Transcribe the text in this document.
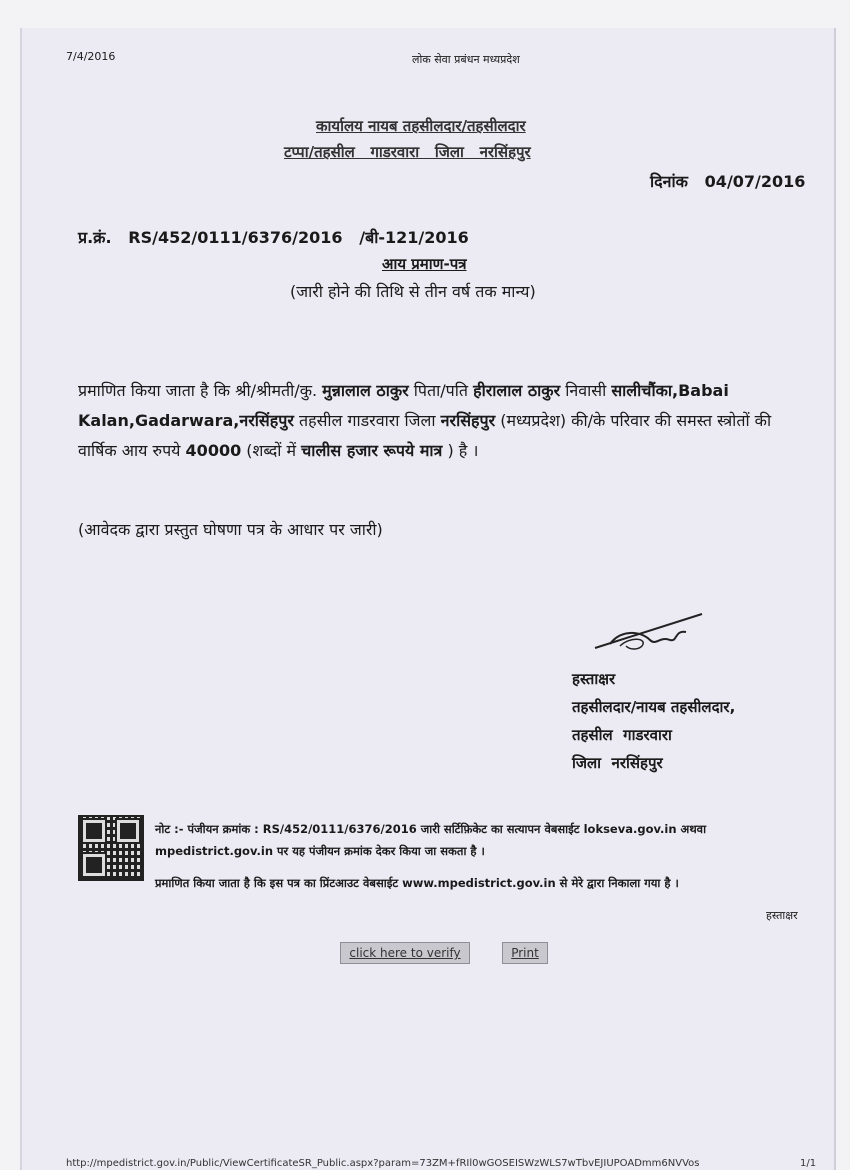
7/4/2016	लोक सेवा प्रबंधन मध्यप्रदेश
कार्यालय नायब तहसीलदार/तहसीलदार
टप्पा/तहसील   गाडरवारा   जिला   नरसिंहपुर
दिनांक 04/07/2016
प्र.क्रं. RS/452/0111/6376/2016 /बी-121/2016
आय प्रमाण-पत्र
(जारी होने की तिथि से तीन वर्ष तक मान्य)
प्रमाणित किया जाता है कि श्री/श्रीमती/कु. मुन्नालाल ठाकुर पिता/पति हीरालाल ठाकुर निवासी सालीचौंका,Babai Kalan,Gadarwara,नरसिंहपुर तहसील गाडरवारा जिला नरसिंहपुर (मध्यप्रदेश) की/के परिवार की समस्त स्त्रोतों की वार्षिक आय रुपये 40000 (शब्दों में चालीस हजार रूपये मात्र ) है ।
(आवेदक द्वारा प्रस्तुत घोषणा पत्र के आधार पर जारी)
हस्ताक्षर
तहसीलदार/नायब तहसीलदार,
तहसील  गाडरवारा
जिला  नरसिंहपुर
नोट :- पंजीयन क्रमांक : RS/452/0111/6376/2016 जारी सर्टिफ़िकेट का सत्यापन वेबसाईट lokseva.gov.in अथवा
mpedistrict.gov.in पर यह पंजीयन क्रमांक देकर किया जा सकता है ।
प्रमाणित किया जाता है कि इस पत्र का प्रिंटआउट वेबसाईट www.mpedistrict.gov.in से मेरे द्वारा निकाला गया है ।
हस्ताक्षर
click here to verify	Print
http://mpedistrict.gov.in/Public/ViewCertificateSR_Public.aspx?param=73ZM+fRIl0wGOSEISWzWLS7wTbvEJIUPOADmm6NVVos	1/1
